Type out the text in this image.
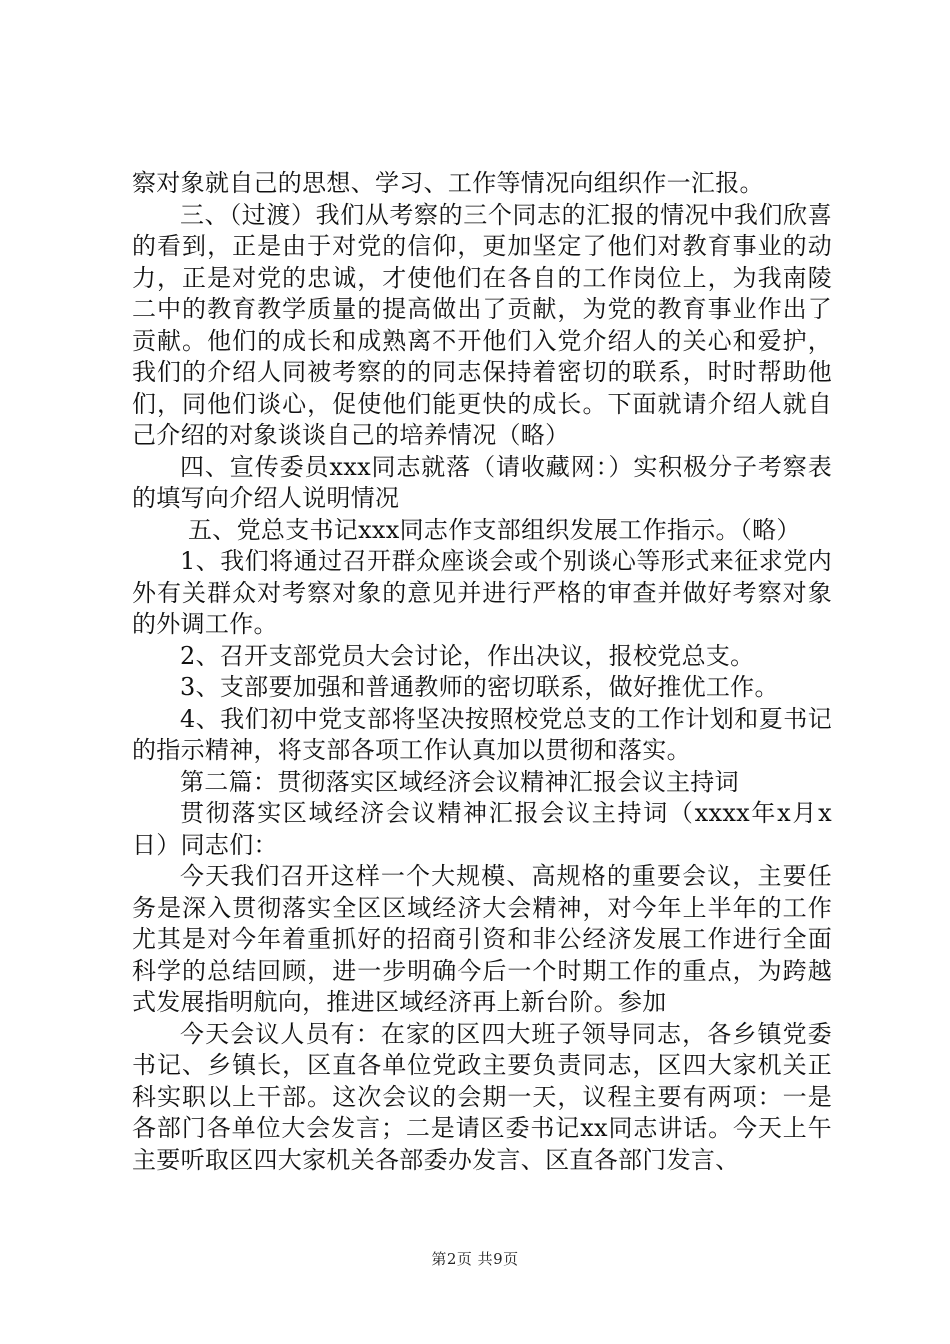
察对象就自己的思想、学习、工作等情况向组织作一汇报。

三、（过渡）我们从考察的三个同志的汇报的情况中我们欣喜的看到，正是由于对党的信仰，更加坚定了他们对教育事业的动力，正是对党的忠诚，才使他们在各自的工作岗位上，为我南陵二中的教育教学质量的提高做出了贡献，为党的教育事业作出了贡献。他们的成长和成熟离不开他们入党介绍人的关心和爱护，我们的介绍人同被考察的的同志保持着密切的联系，时时帮助他们，同他们谈心，促使他们能更快的成长。下面就请介绍人就自己介绍的对象谈谈自己的培养情况（略）

四、宣传委员xxx同志就落（请收藏网：）实积极分子考察表的填写向介绍人说明情况

五、党总支书记xxx同志作支部组织发展工作指示。（略）

1、我们将通过召开群众座谈会或个别谈心等形式来征求党内外有关群众对考察对象的意见并进行严格的审查并做好考察对象的外调工作。

2、召开支部党员大会讨论，作出决议，报校党总支。

3、支部要加强和普通教师的密切联系，做好推优工作。

4、我们初中党支部将坚决按照校党总支的工作计划和夏书记的指示精神，将支部各项工作认真加以贯彻和落实。

第二篇：贯彻落实区域经济会议精神汇报会议主持词

贯彻落实区域经济会议精神汇报会议主持词（xxxx年x月x日）同志们：

今天我们召开这样一个大规模、高规格的重要会议，主要任务是深入贯彻落实全区区域经济大会精神，对今年上半年的工作尤其是对今年着重抓好的招商引资和非公经济发展工作进行全面科学的总结回顾，进一步明确今后一个时期工作的重点，为跨越式发展指明航向，推进区域经济再上新台阶。参加

今天会议人员有：在家的区四大班子领导同志，各乡镇党委书记、乡镇长，区直各单位党政主要负责同志，区四大家机关正科实职以上干部。这次会议的会期一天，议程主要有两项：一是各部门各单位大会发言；二是请区委书记xx同志讲话。今天上午主要听取区四大家机关各部委办发言、区直各部门发言、

第2页 共9页
